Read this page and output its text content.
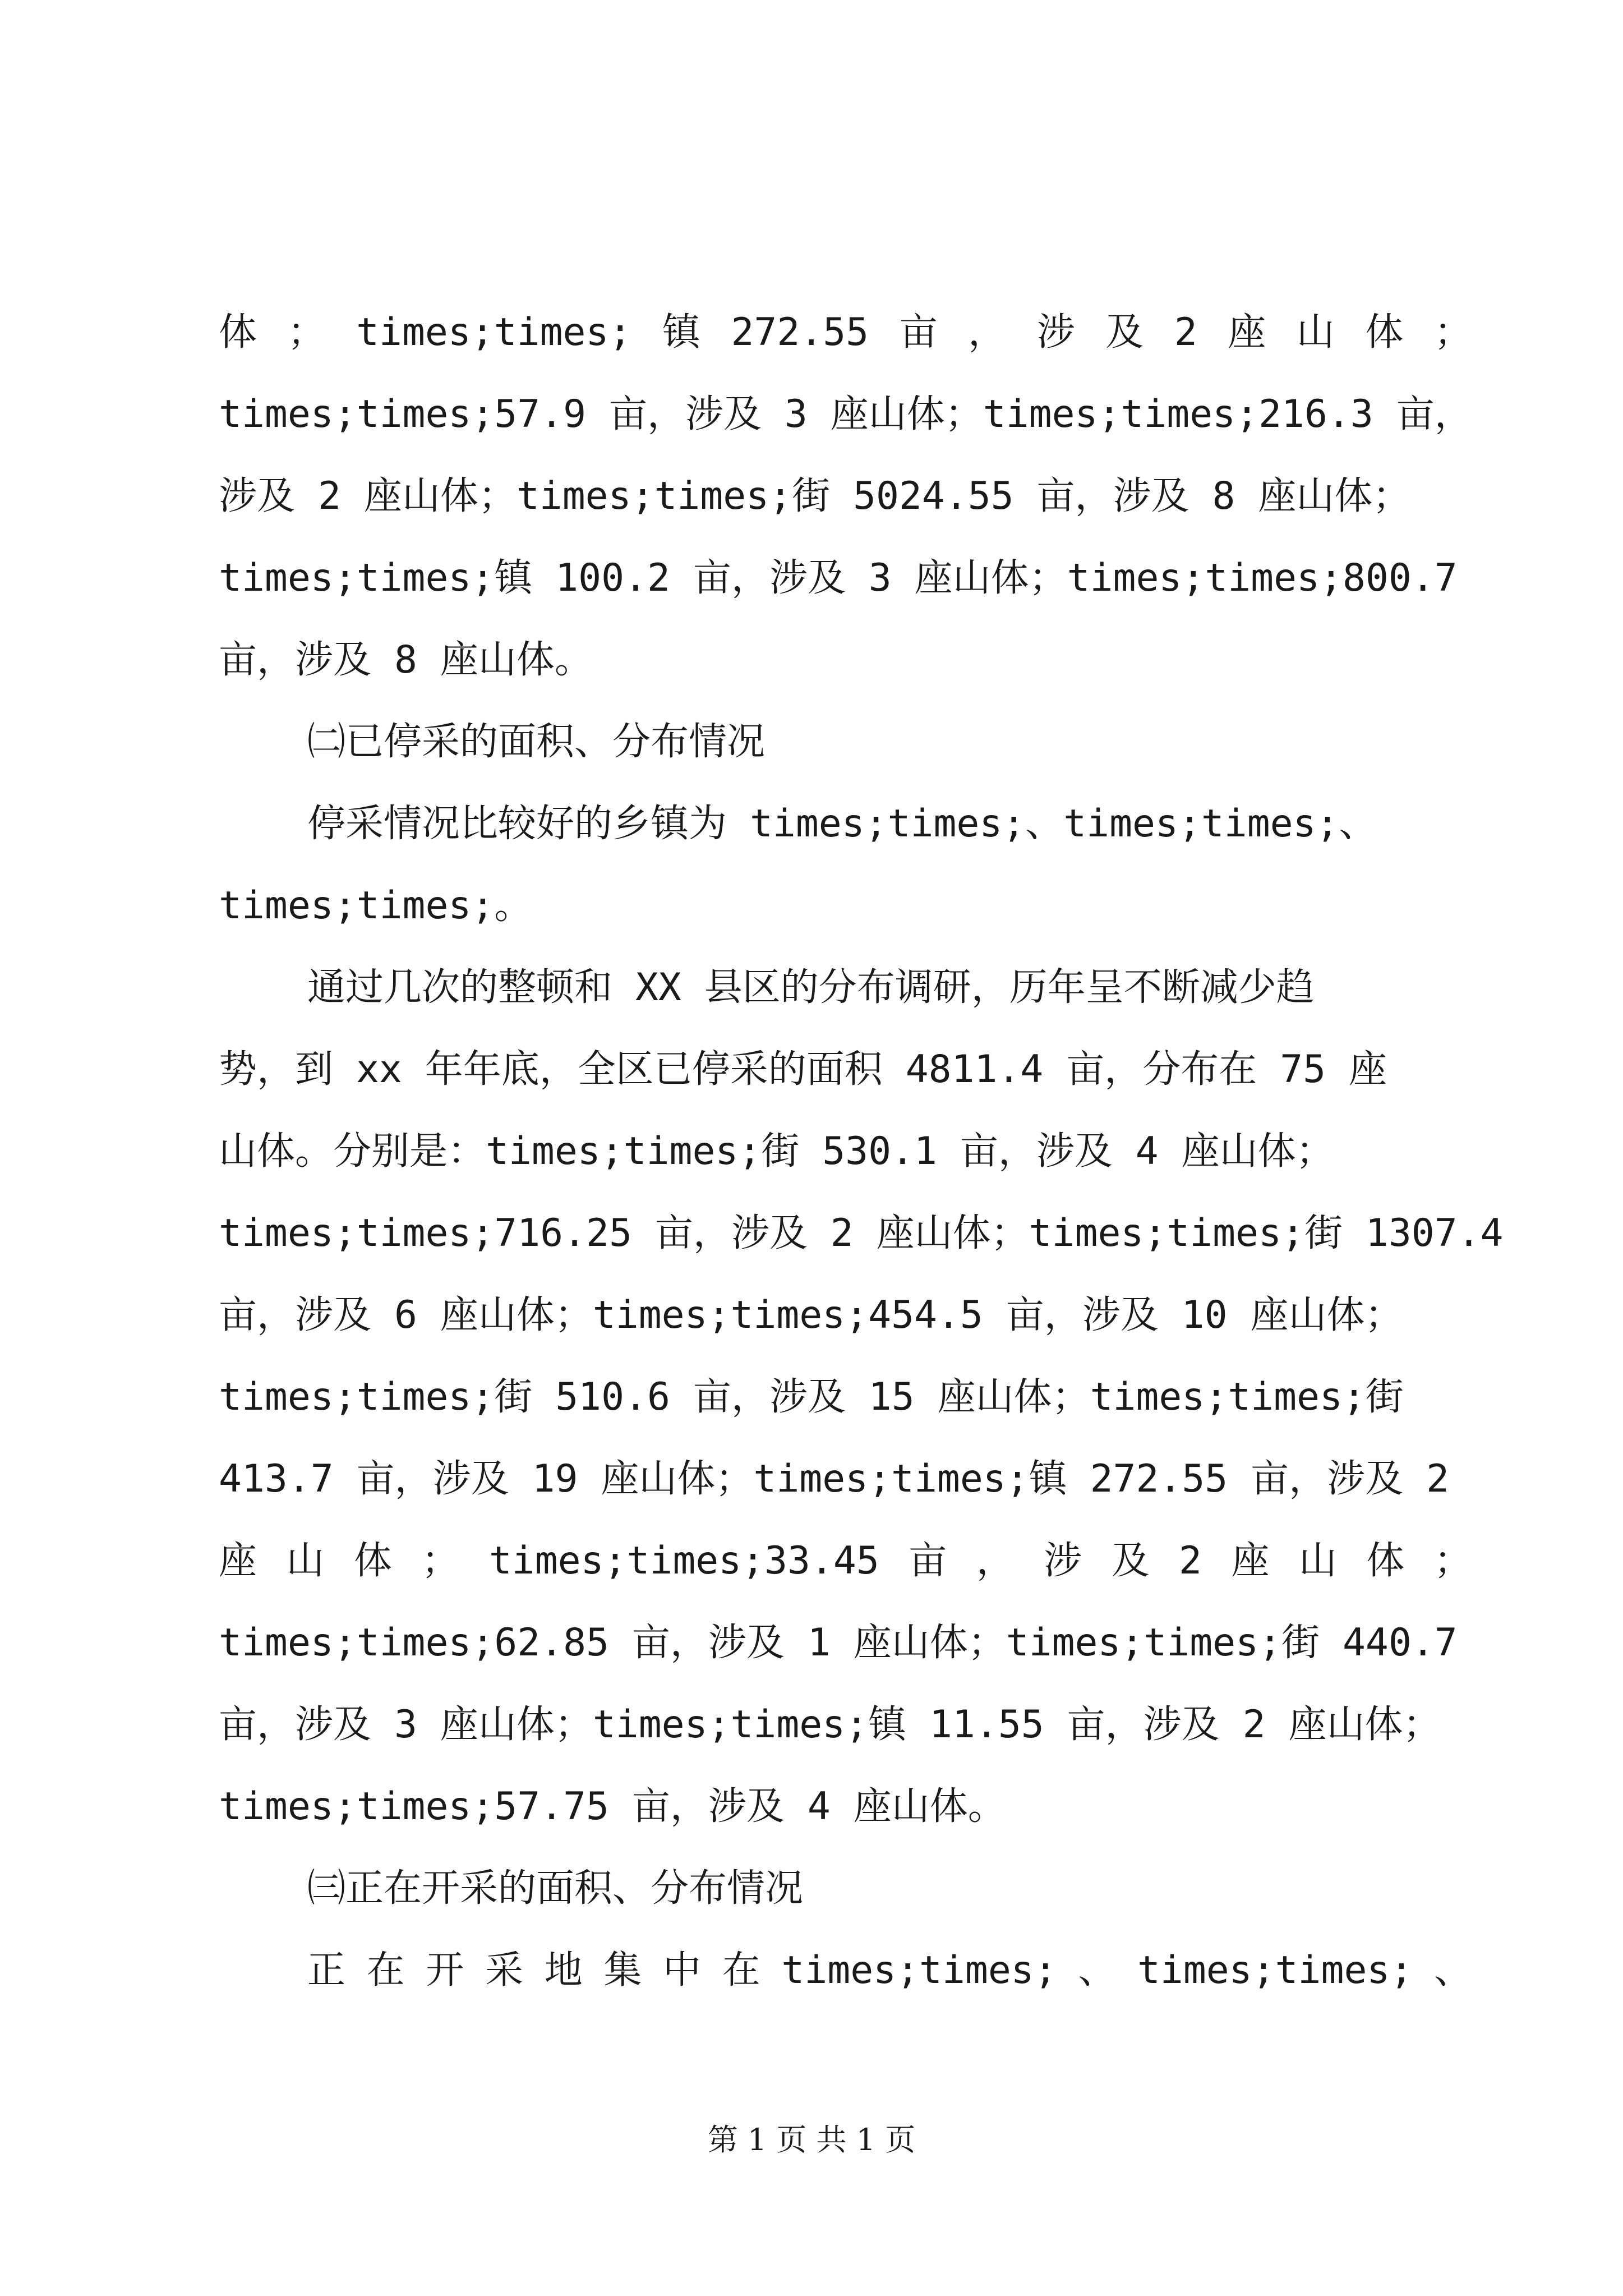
体 ； times;times; 镇 272.55 亩 ， 涉 及 2 座 山 体 ；
times;times;57.9 亩，涉及 3 座山体；times;times;216.3 亩，
涉及 2 座山体；times;times;街 5024.55 亩，涉及 8 座山体；
times;times;镇 100.2 亩，涉及 3 座山体；times;times;800.7
亩，涉及 8 座山体。
㈡已停采的面积、分布情况
停采情况比较好的乡镇为 times;times;、times;times;、
times;times;。
通过几次的整顿和 XX 县区的分布调研，历年呈不断减少趋
势，到 xx 年年底，全区已停采的面积 4811.4 亩，分布在 75 座
山体。分别是：times;times;街 530.1 亩，涉及 4 座山体；
times;times;716.25 亩，涉及 2 座山体；times;times;街 1307.4
亩，涉及 6 座山体；times;times;454.5 亩，涉及 10 座山体；
times;times;街 510.6 亩，涉及 15 座山体；times;times;街
413.7 亩，涉及 19 座山体；times;times;镇 272.55 亩，涉及 2
座 山 体 ； times;times;33.45 亩 ， 涉 及 2 座 山 体 ；
times;times;62.85 亩，涉及 1 座山体；times;times;街 440.7
亩，涉及 3 座山体；times;times;镇 11.55 亩，涉及 2 座山体；
times;times;57.75 亩，涉及 4 座山体。
㈢正在开采的面积、分布情况
正 在 开 采 地 集 中 在 times;times; 、 times;times; 、
第 1 页 共 1 页
